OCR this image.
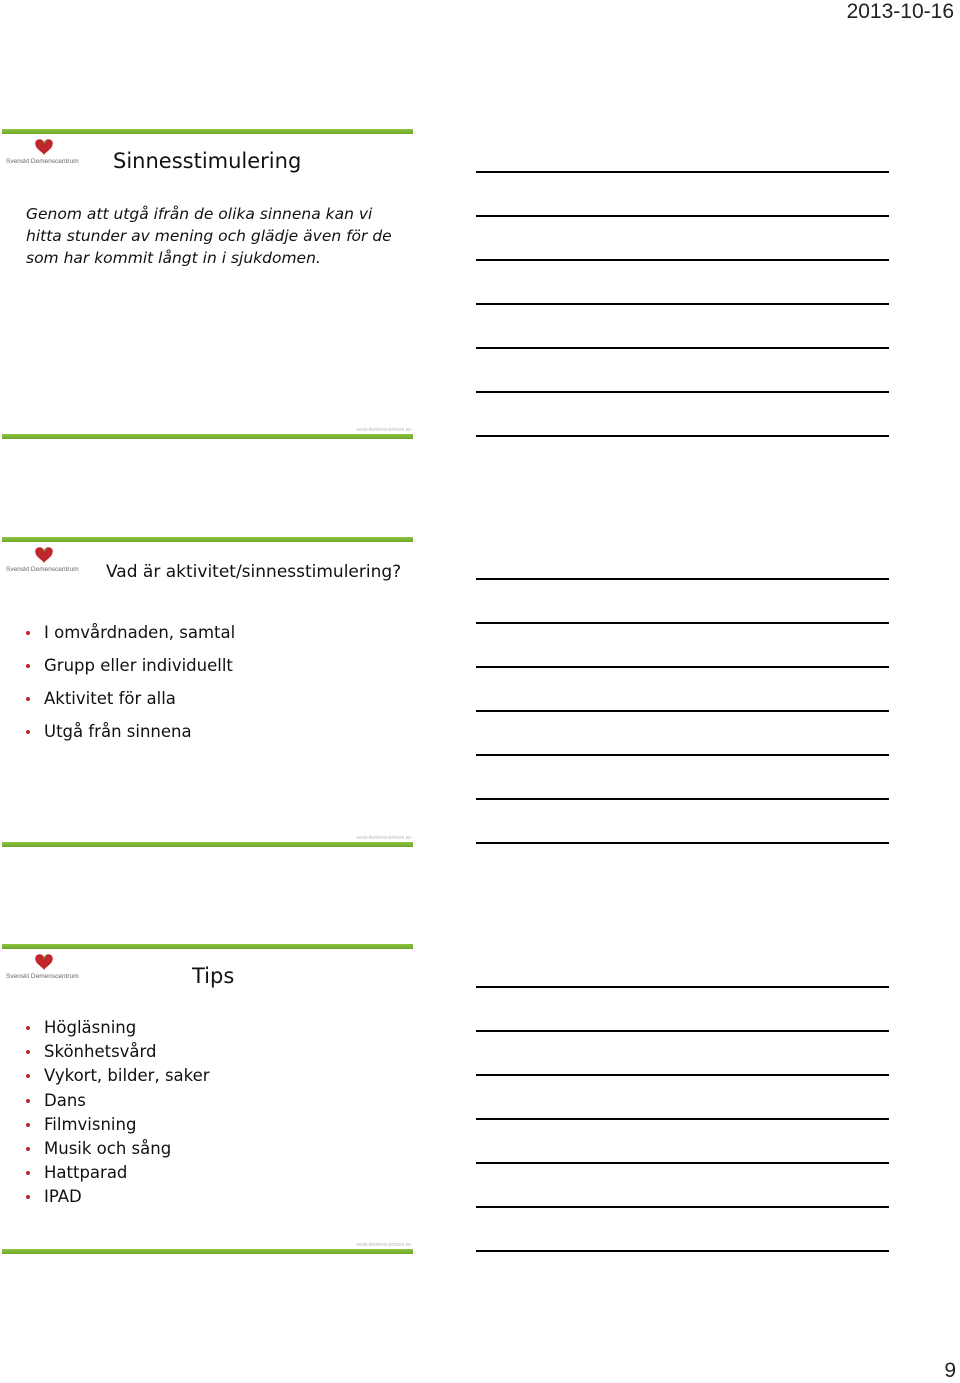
2013-10-16
Svenskt Demenscentrum Sinnesstimulering
Genom att utgå ifrån de olika sinnena kan vi hitta stunder av mening och glädje även för de som har kommit långt in i sjukdomen.
www.demenscentrum.se
Svenskt Demenscentrum Vad är aktivitet/sinnesstimulering?
I omvårdnaden, samtal
Grupp eller individuellt
Aktivitet för alla
Utgå från sinnena
www.demenscentrum.se
Svenskt Demenscentrum	Tips
Högläsning
Skönhetsvård
Vykort, bilder, saker
Dans
Filmvisning
Musik och sång
Hattparad
IPAD
www.demenscentrum.se
9
